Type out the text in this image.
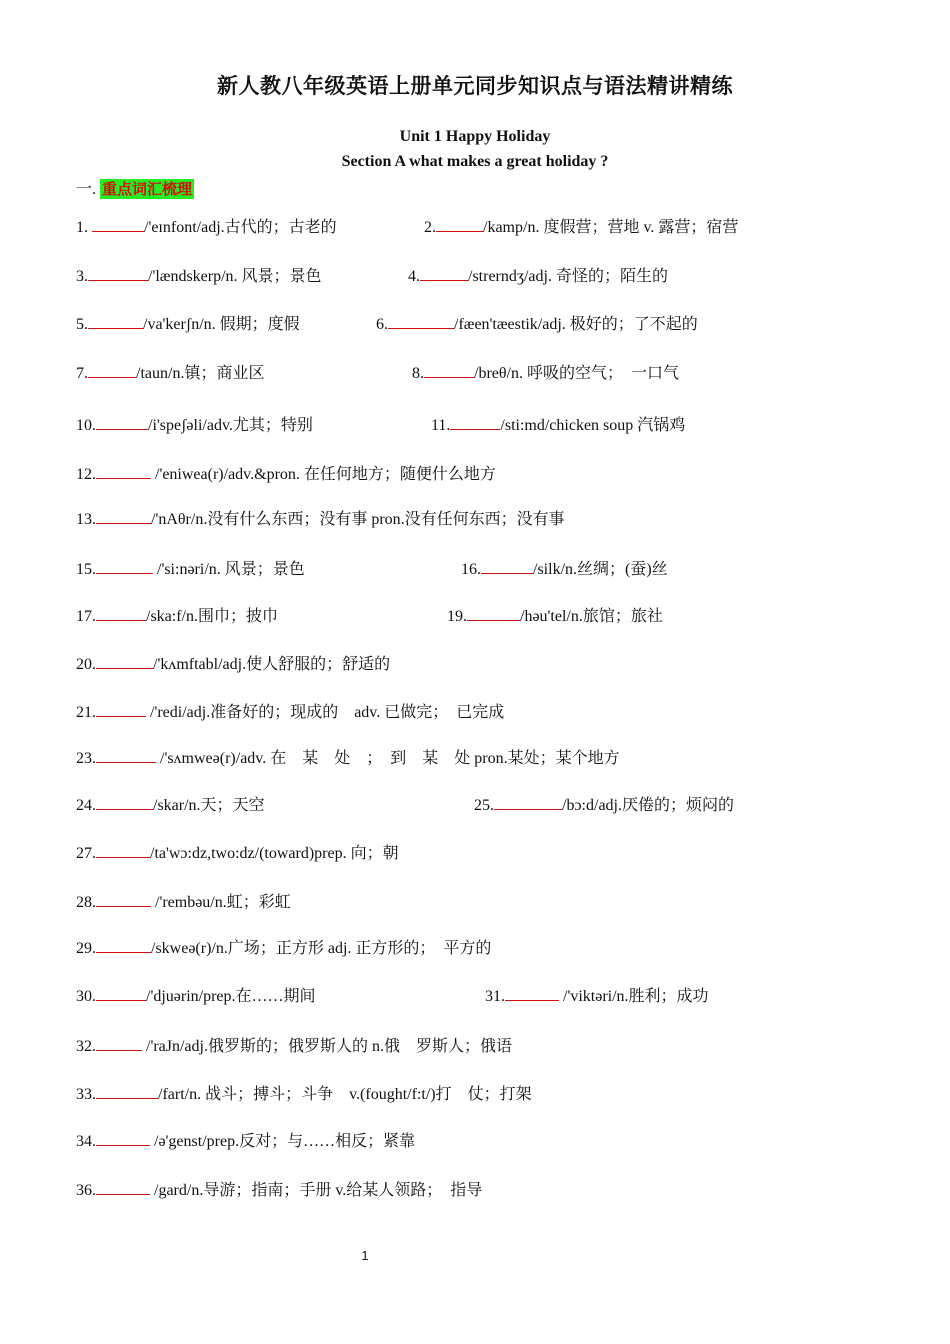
新人教八年级英语上册单元同步知识点与语法精讲精练
Unit 1 Happy Holiday
Section A what makes a great holiday ?
一. 重点词汇梳理
1.	/'eɪnfont/adj.古代的；古老的	2.	/kamp/n. 度假营；营地 v. 露营；宿营
3.	/'lændskerp/n. 风景；景色	4.	/strerndʒ/adj. 奇怪的；陌生的
5.	/va'kerʃn/n. 假期；度假	6.	/fæen'tæestik/adj. 极好的；了不起的
7.	/taun/n.镇；商业区	8.	/breθ/n. 呼吸的空气；　一口气
10.	/i'speʃəli/adv.尤其；特别	11.	/sti:md/chicken soup 汽锅鸡
12.	/'eniwea(r)/adv.&pron. 在任何地方；随便什么地方
13.	/'nAθr/n.没有什么东西；没有事 pron.没有任何东西；没有事
15.	/'si:nəri/n. 风景；景色	16.	/silk/n.丝绸；(蚕)丝
17.	/ska:f/n.围巾；披巾	19.	/həu'tel/n.旅馆；旅社
20.	/'kʌmftabl/adj.使人舒服的；舒适的
21.	/'redi/adj.准备好的；现成的　adv. 已做完；　已完成
23.	/'sʌmweə(r)/adv. 在　某　处　；　到　某　处 pron.某处；某个地方
24.	/skar/n.天；天空	25.	/bɔ:d/adj.厌倦的；烦闷的
27.	/ta'wɔ:dz,two:dz/(toward)prep. 向；朝
28.	/'rembəu/n.虹；彩虹
29.	/skweə(r)/n.广场；正方形 adj. 正方形的；　平方的
30.	/'djuərin/prep.在……期间	31.	/'viktəri/n.胜利；成功
32.	/'raJn/adj.俄罗斯的；俄罗斯人的 n.俄　罗斯人；俄语
33.	/fart/n. 战斗；搏斗；斗争　v.(fought/f:t/)打　仗；打架
34.	/ə'genst/prep.反对；与……相反；紧靠
36.	/gard/n.导游；指南；手册 v.给某人领路；　指导
1
